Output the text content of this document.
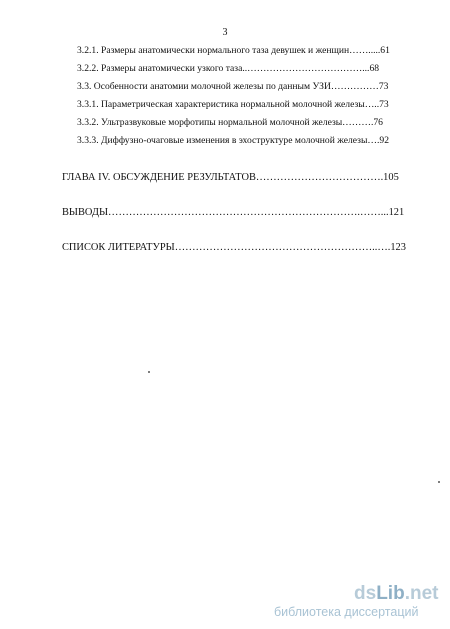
3
3.2.1. Размеры анатомически нормального таза девушек и женщин…….....61
3.2.2. Размеры анатомически узкого таза..………………………………...68
3.3. Особенности анатомии молочной железы по данным УЗИ……………73
3.3.1. Параметрическая характеристика нормальной молочной железы…..73
3.3.2. Ультразвуковые морфотипы нормальной молочной железы……….76
3.3.3. Диффузно-очаговые изменения в эхоструктуре молочной железы….92
ГЛАВА IV. ОБСУЖДЕНИЕ РЕЗУЛЬТАТОВ……………………………….105
ВЫВОДЫ……………………………………………………………….……...121
СПИСОК ЛИТЕРАТУРЫ…………………………………………………..….123
dsLib.net
библиотека диссертаций
